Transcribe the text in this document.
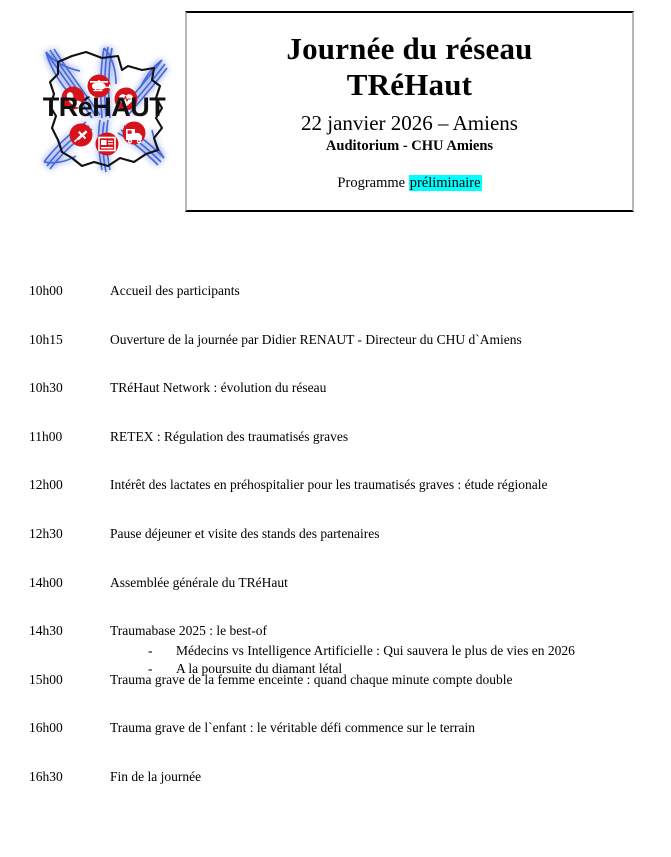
TRéHAUT
Journée du réseau
TRéHaut
22 janvier 2026 – Amiens
Auditorium - CHU Amiens
Programme préliminaire
10h00	Accueil des participants
10h15	Ouverture de la journée par Didier RENAUT - Directeur du CHU d`Amiens
10h30	TRéHaut Network : évolution du réseau
11h00	RETEX : Régulation des traumatisés graves
12h00	Intérêt des lactates en préhospitalier pour les traumatisés graves : étude régionale
12h30	Pause déjeuner et visite des stands des partenaires
14h00	Assemblée générale du TRéHaut
14h30	Traumabase 2025 : le best-of
- Médecins vs Intelligence Artificielle : Qui sauvera le plus de vies en 2026
- A la poursuite du diamant létal
15h00	Trauma grave de la femme enceinte : quand chaque minute compte double
16h00	Trauma grave de l`enfant : le véritable défi commence sur le terrain
16h30	Fin de la journée
